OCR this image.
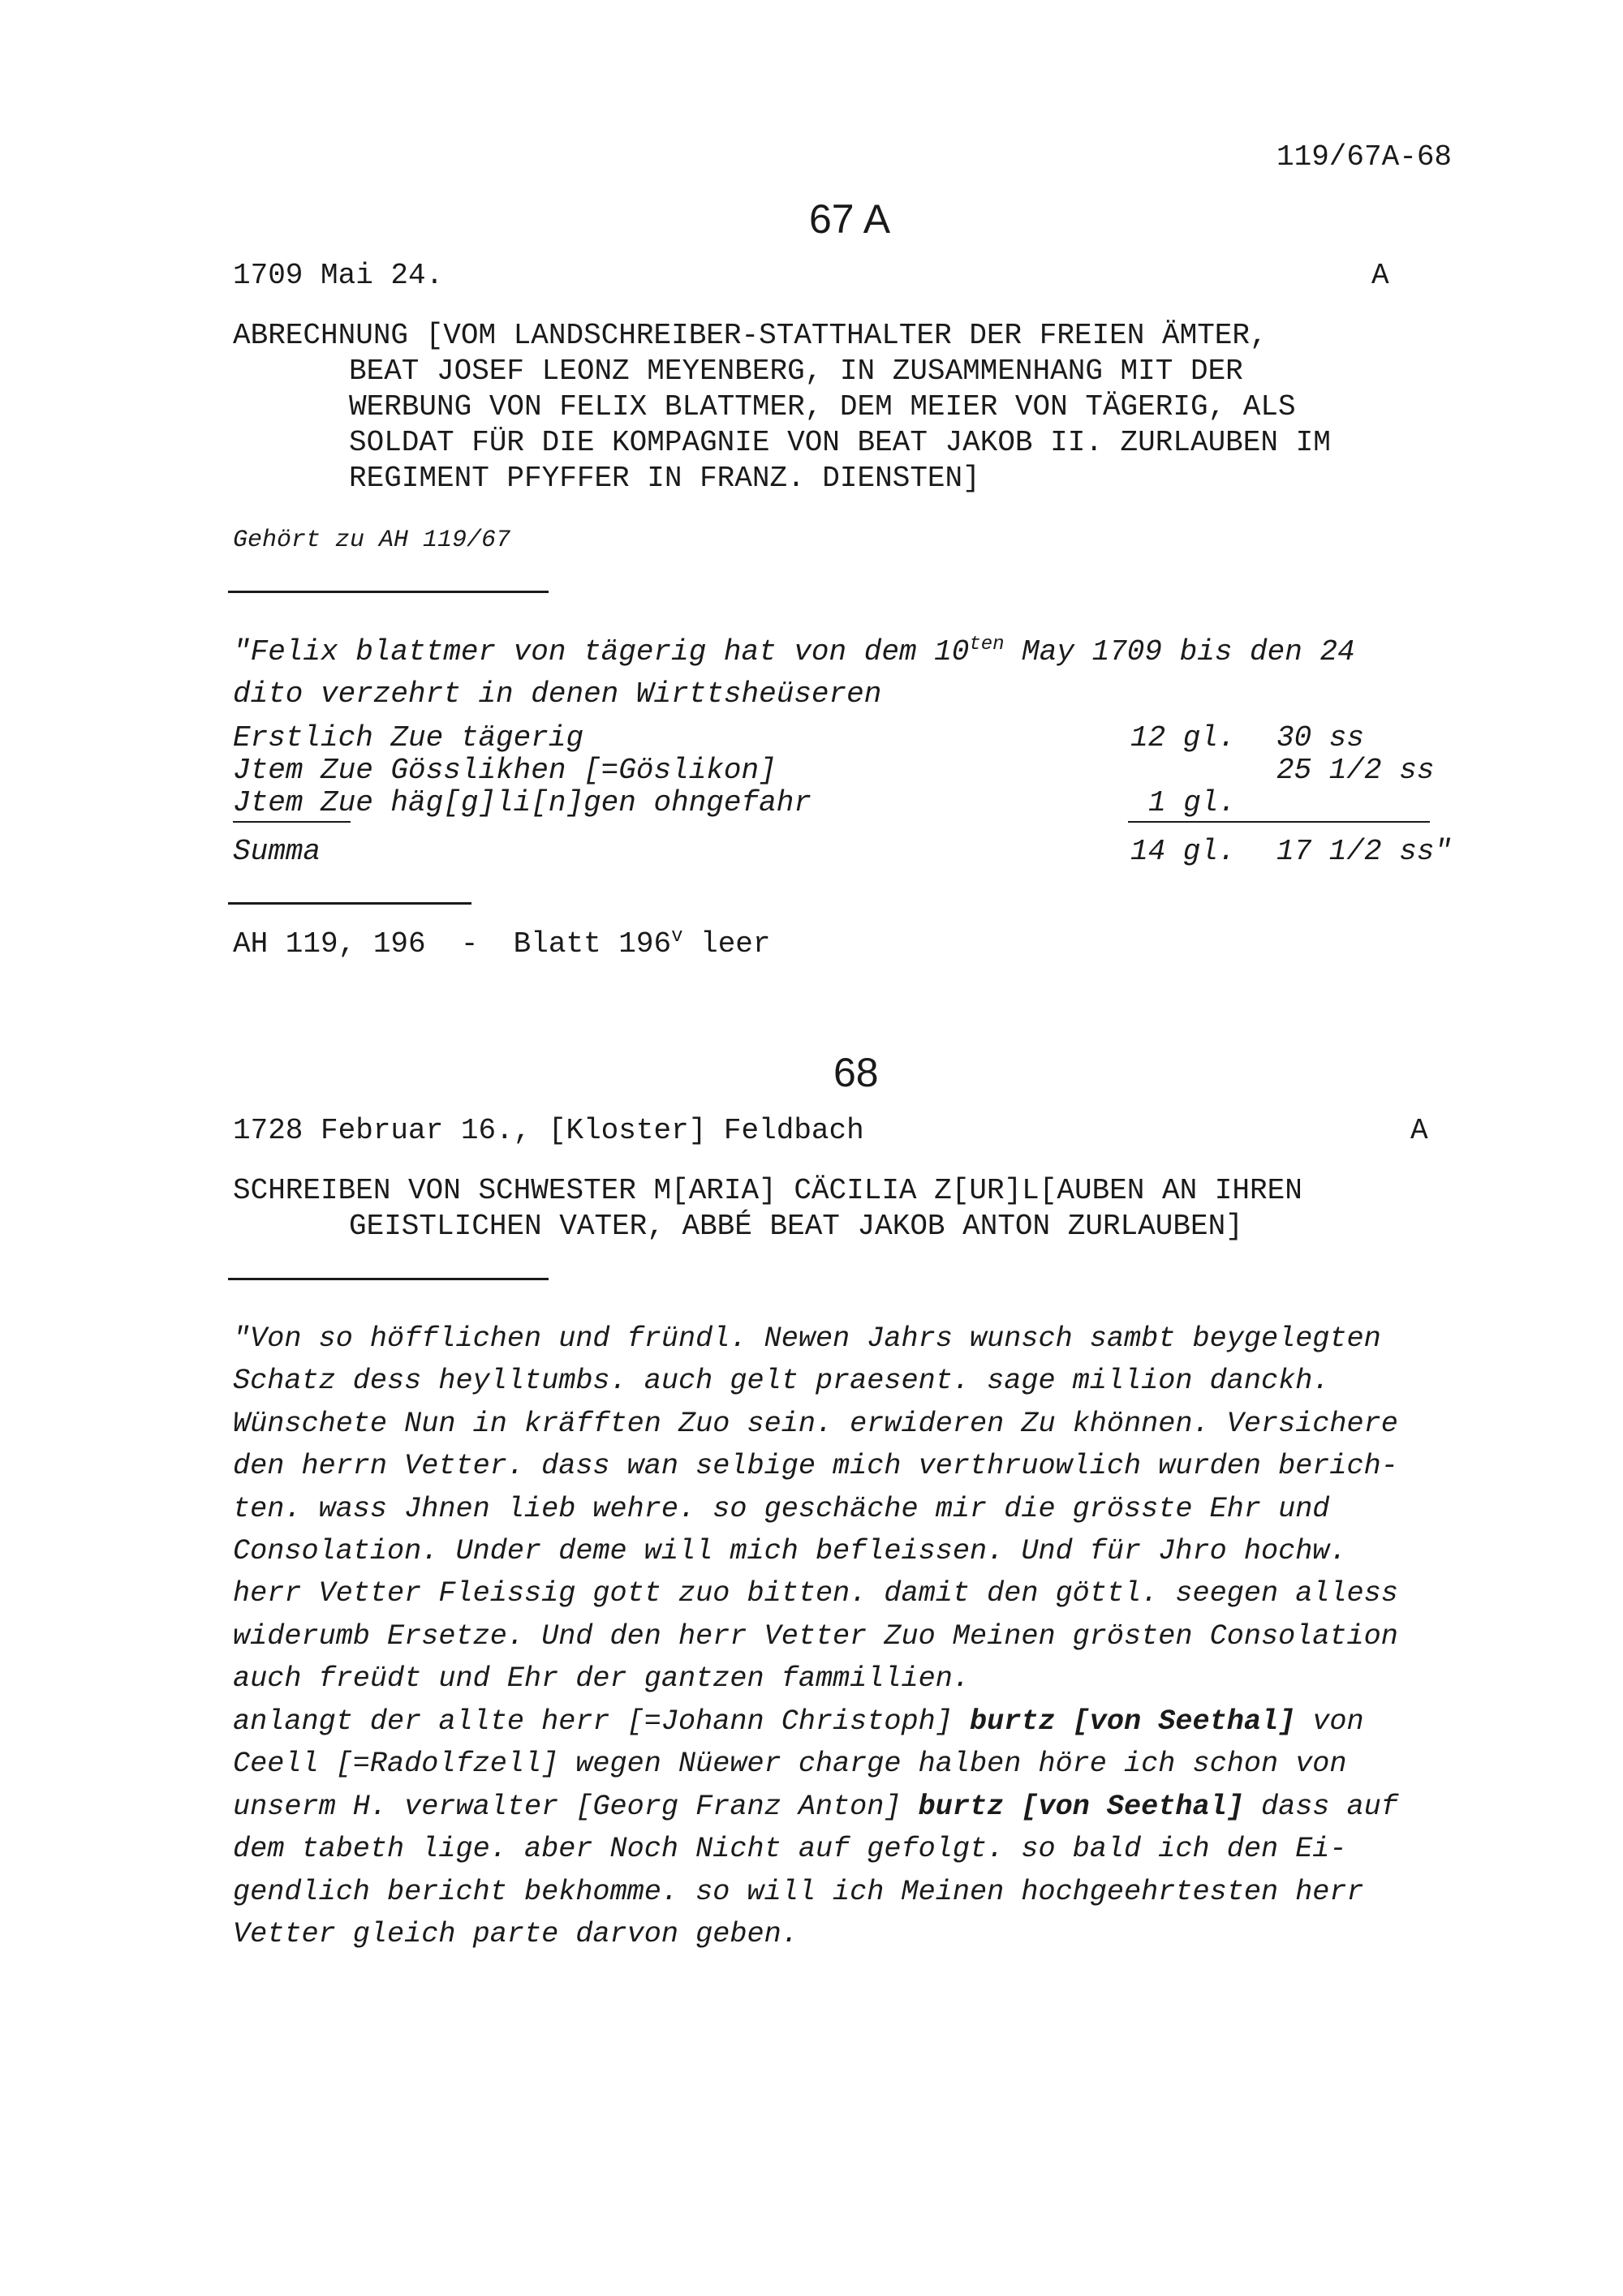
119/67A-68
67 A
1709 Mai 24.	A
ABRECHNUNG [VOM LANDSCHREIBER-STATTHALTER DER FREIEN ÄMTER,
BEAT JOSEF LEONZ MEYENBERG, IN ZUSAMMENHANG MIT DER
WERBUNG VON FELIX BLATTMER, DEM MEIER VON TÄGERIG, ALS
SOLDAT FÜR DIE KOMPAGNIE VON BEAT JAKOB II. ZURLAUBEN IM
REGIMENT PFYFFER IN FRANZ. DIENSTEN]
Gehört zu AH 119/67
"Felix blattmer von tägerig hat von dem $10^{ten}$ May 1709 bis den 24
dito verzehrt in denen Wirttsheüseren
Erstlich Zue tägerig	12 gl. 30 ss
Jtem Zue Gösslikhen [=Göslikon]	25 1/2 ss
Jtem Zue häg[g]li[n]gen ohngefahr	1 gl.
Summa	14 gl. 17 1/2 ss"
AH 119, 196  -  Blatt 196$^v$ leer
68
1728 Februar 16., [Kloster] Feldbach	A
SCHREIBEN VON SCHWESTER M[ARIA] CÄCILIA Z[UR]L[AUBEN AN IHREN
GEISTLICHEN VATER, ABBÉ BEAT JAKOB ANTON ZURLAUBEN]
"Von so höfflichen und fründl. Newen Jahrs wunsch sambt beygelegten
Schatz dess heylltumbs. auch gelt praesent. sage million danckh.
Wünschete Nun in kräfften Zuo sein. erwideren Zu khönnen. Versichere
den herrn Vetter. dass wan selbige mich verthruowlich wurden berich-
ten. wass Jhnen lieb wehre. so geschäche mir die grösste Ehr und
Consolation. Under deme will mich befleissen. Und für Jhro hochw.
herr Vetter Fleissig gott zuo bitten. damit den göttl. seegen alless
widerumb Ersetze. Und den herr Vetter Zuo Meinen grösten Consolation
auch freüdt und Ehr der gantzen fammillien.
anlangt der allte herr [=Johann Christoph] burtz [von Seethal] von
Ceell [=Radolfzell] wegen Nüewer charge halben höre ich schon von
unserm H. verwalter [Georg Franz Anton] burtz [von Seethal] dass auf
dem tabeth lige. aber Noch Nicht auf gefolgt. so bald ich den Ei-
gendlich bericht bekhomme. so will ich Meinen hochgeehrtesten herr
Vetter gleich parte darvon geben.
